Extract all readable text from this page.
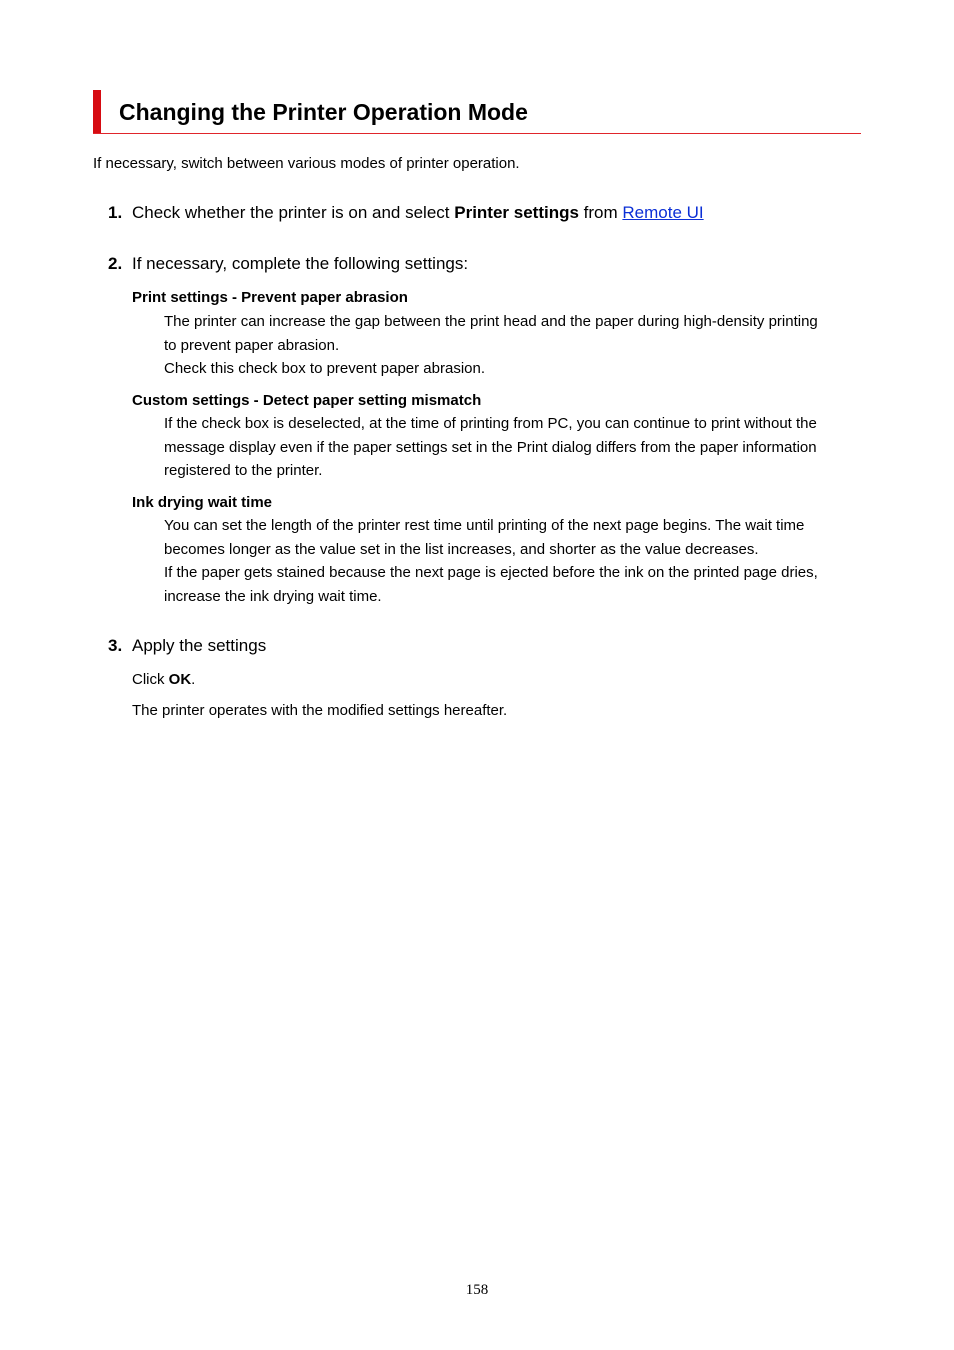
Changing the Printer Operation Mode
If necessary, switch between various modes of printer operation.
1. Check whether the printer is on and select Printer settings from Remote UI
2. If necessary, complete the following settings:
Print settings - Prevent paper abrasion
The printer can increase the gap between the print head and the paper during high-density printing
to prevent paper abrasion.
Check this check box to prevent paper abrasion.
Custom settings - Detect paper setting mismatch
If the check box is deselected, at the time of printing from PC, you can continue to print without the
message display even if the paper settings set in the Print dialog differs from the paper information
registered to the printer.
Ink drying wait time
You can set the length of the printer rest time until printing of the next page begins. The wait time
becomes longer as the value set in the list increases, and shorter as the value decreases.
If the paper gets stained because the next page is ejected before the ink on the printed page dries,
increase the ink drying wait time.
3. Apply the settings
Click OK.
The printer operates with the modified settings hereafter.
158
